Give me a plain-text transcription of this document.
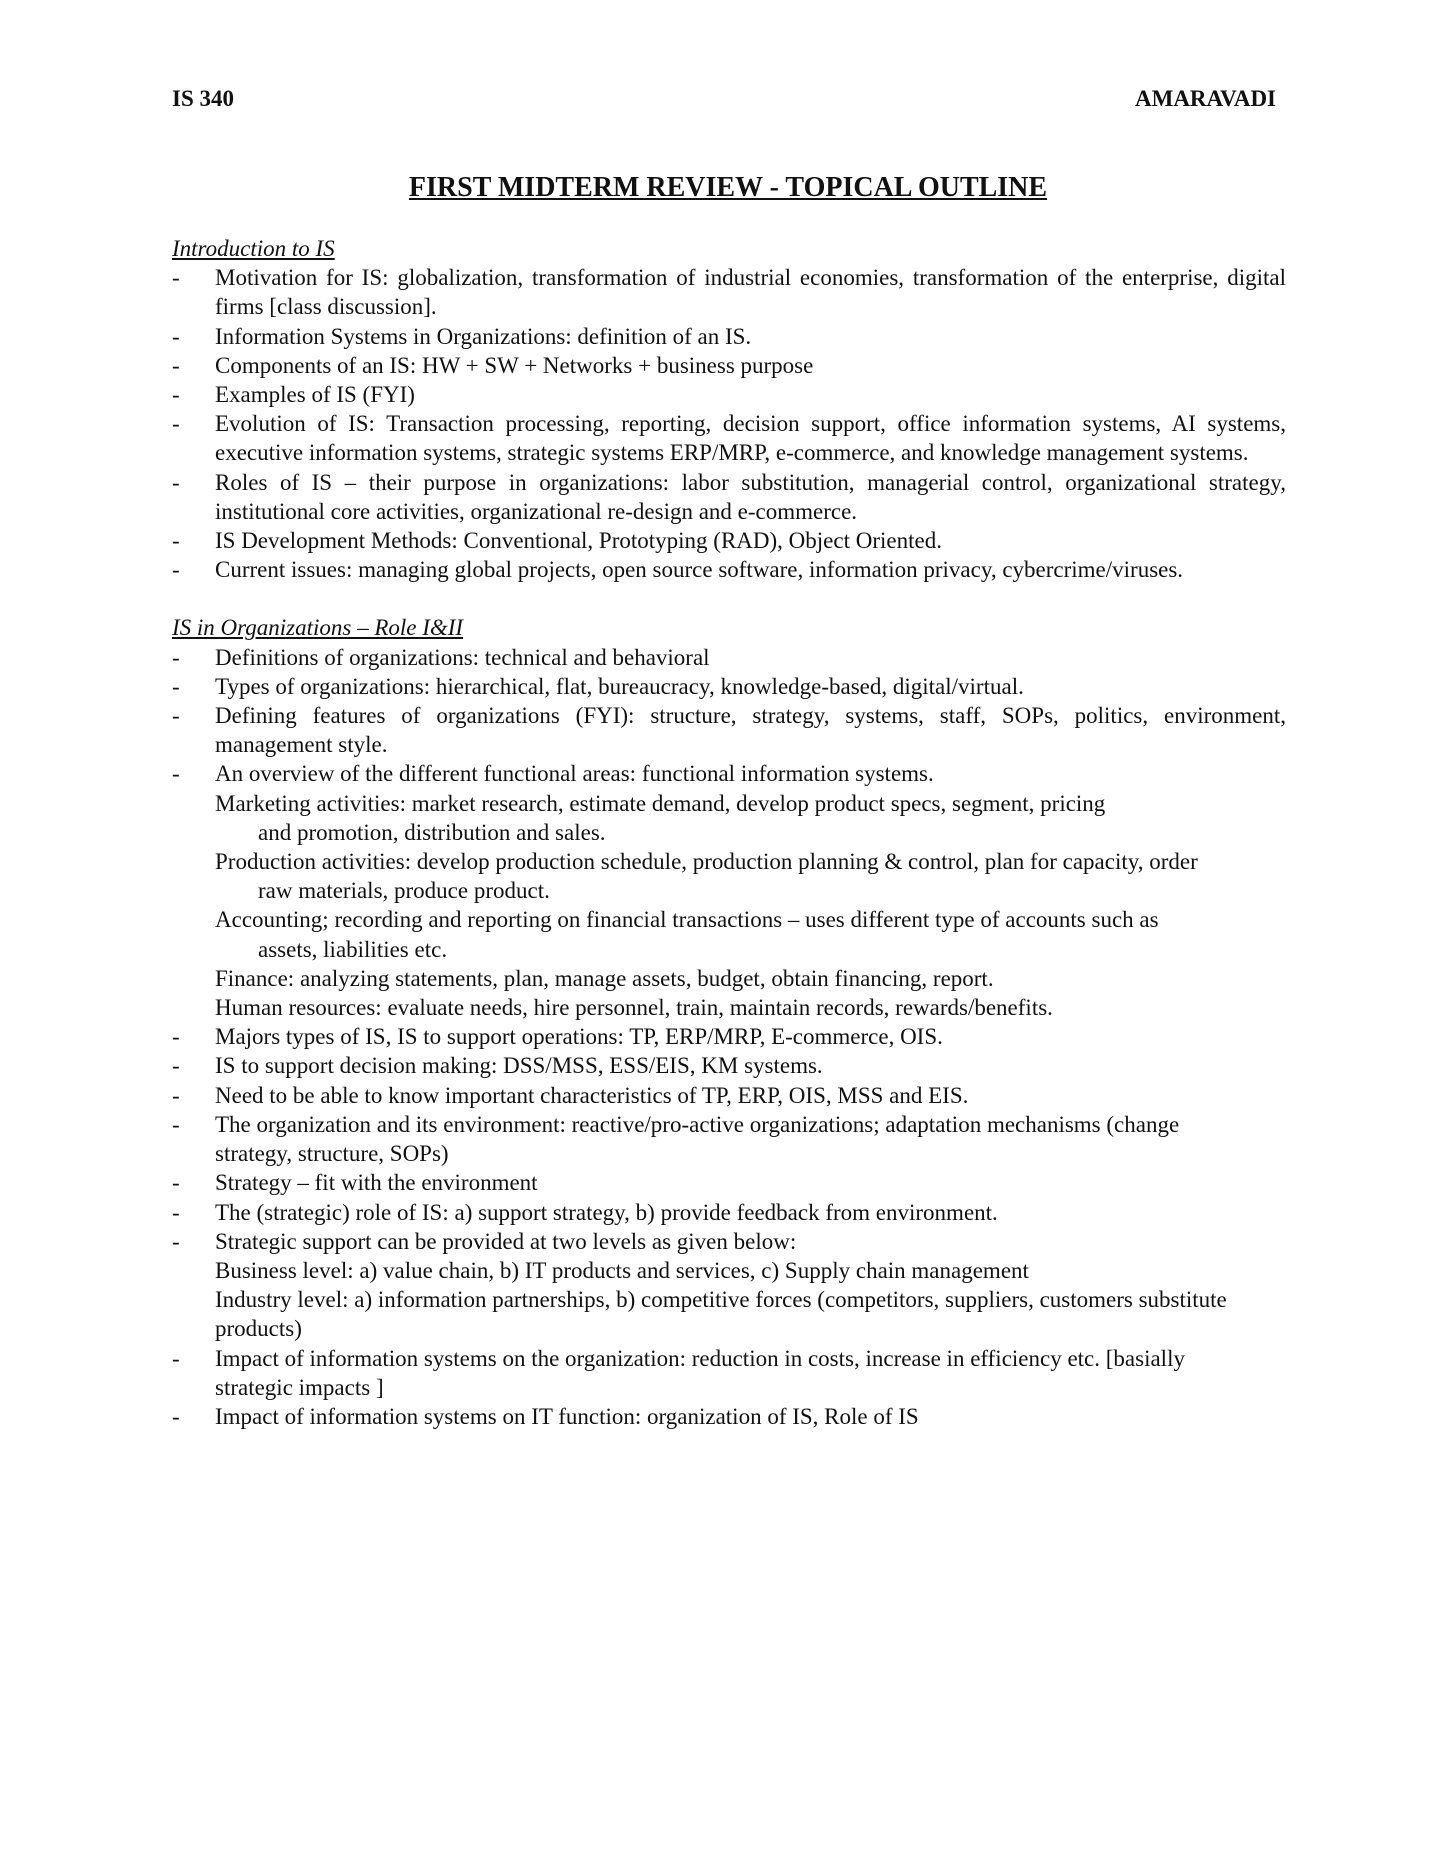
IS 340	AMARAVADI
FIRST MIDTERM REVIEW - TOPICAL OUTLINE

Introduction to IS

- Motivation for IS: globalization, transformation of industrial economies, transformation of the enterprise, digital firms [class discussion].
- Information Systems in Organizations: definition of an IS.
- Components of an IS: HW + SW + Networks + business purpose
- Examples of IS (FYI)
- Evolution of IS: Transaction processing, reporting, decision support, office information systems, AI systems, executive information systems, strategic systems ERP/MRP, e-commerce, and knowledge management systems.
- Roles of IS – their purpose in organizations: labor substitution, managerial control, organizational strategy, institutional core activities, organizational re-design and e-commerce.
- IS Development Methods: Conventional, Prototyping (RAD), Object Oriented.
- Current issues: managing global projects, open source software, information privacy, cybercrime/viruses.

IS in Organizations – Role I&II

- Definitions of organizations: technical and behavioral
- Types of organizations: hierarchical, flat, bureaucracy, knowledge-based, digital/virtual.
- Defining features of organizations (FYI): structure, strategy, systems, staff, SOPs, politics, environment, management style.
- An overview of the different functional areas: functional information systems.
Marketing activities: market research, estimate demand, develop product specs, segment, pricing
and promotion, distribution and sales.
Production activities: develop production schedule, production planning & control, plan for capacity, order
raw materials, produce product.
Accounting; recording and reporting on financial transactions – uses different type of accounts such as
assets, liabilities etc.
Finance: analyzing statements, plan, manage assets, budget, obtain financing, report.
Human resources: evaluate needs, hire personnel, train, maintain records, rewards/benefits.
- Majors types of IS, IS to support operations: TP, ERP/MRP, E-commerce, OIS.
- IS to support decision making: DSS/MSS, ESS/EIS, KM systems.
- Need to be able to know important characteristics of TP, ERP, OIS, MSS and EIS.
- The organization and its environment: reactive/pro-active organizations; adaptation mechanisms (change strategy, structure, SOPs)
- Strategy – fit with the environment
- The (strategic) role of IS: a) support strategy, b) provide feedback from environment.
- Strategic support can be provided at two levels as given below:
Business level: a) value chain, b) IT products and services, c) Supply chain management
Industry level: a) information partnerships, b) competitive forces (competitors, suppliers, customers substitute products)
- Impact of information systems on the organization: reduction in costs, increase in efficiency etc. [basially strategic impacts ]
- Impact of information systems on IT function: organization of IS, Role of IS
